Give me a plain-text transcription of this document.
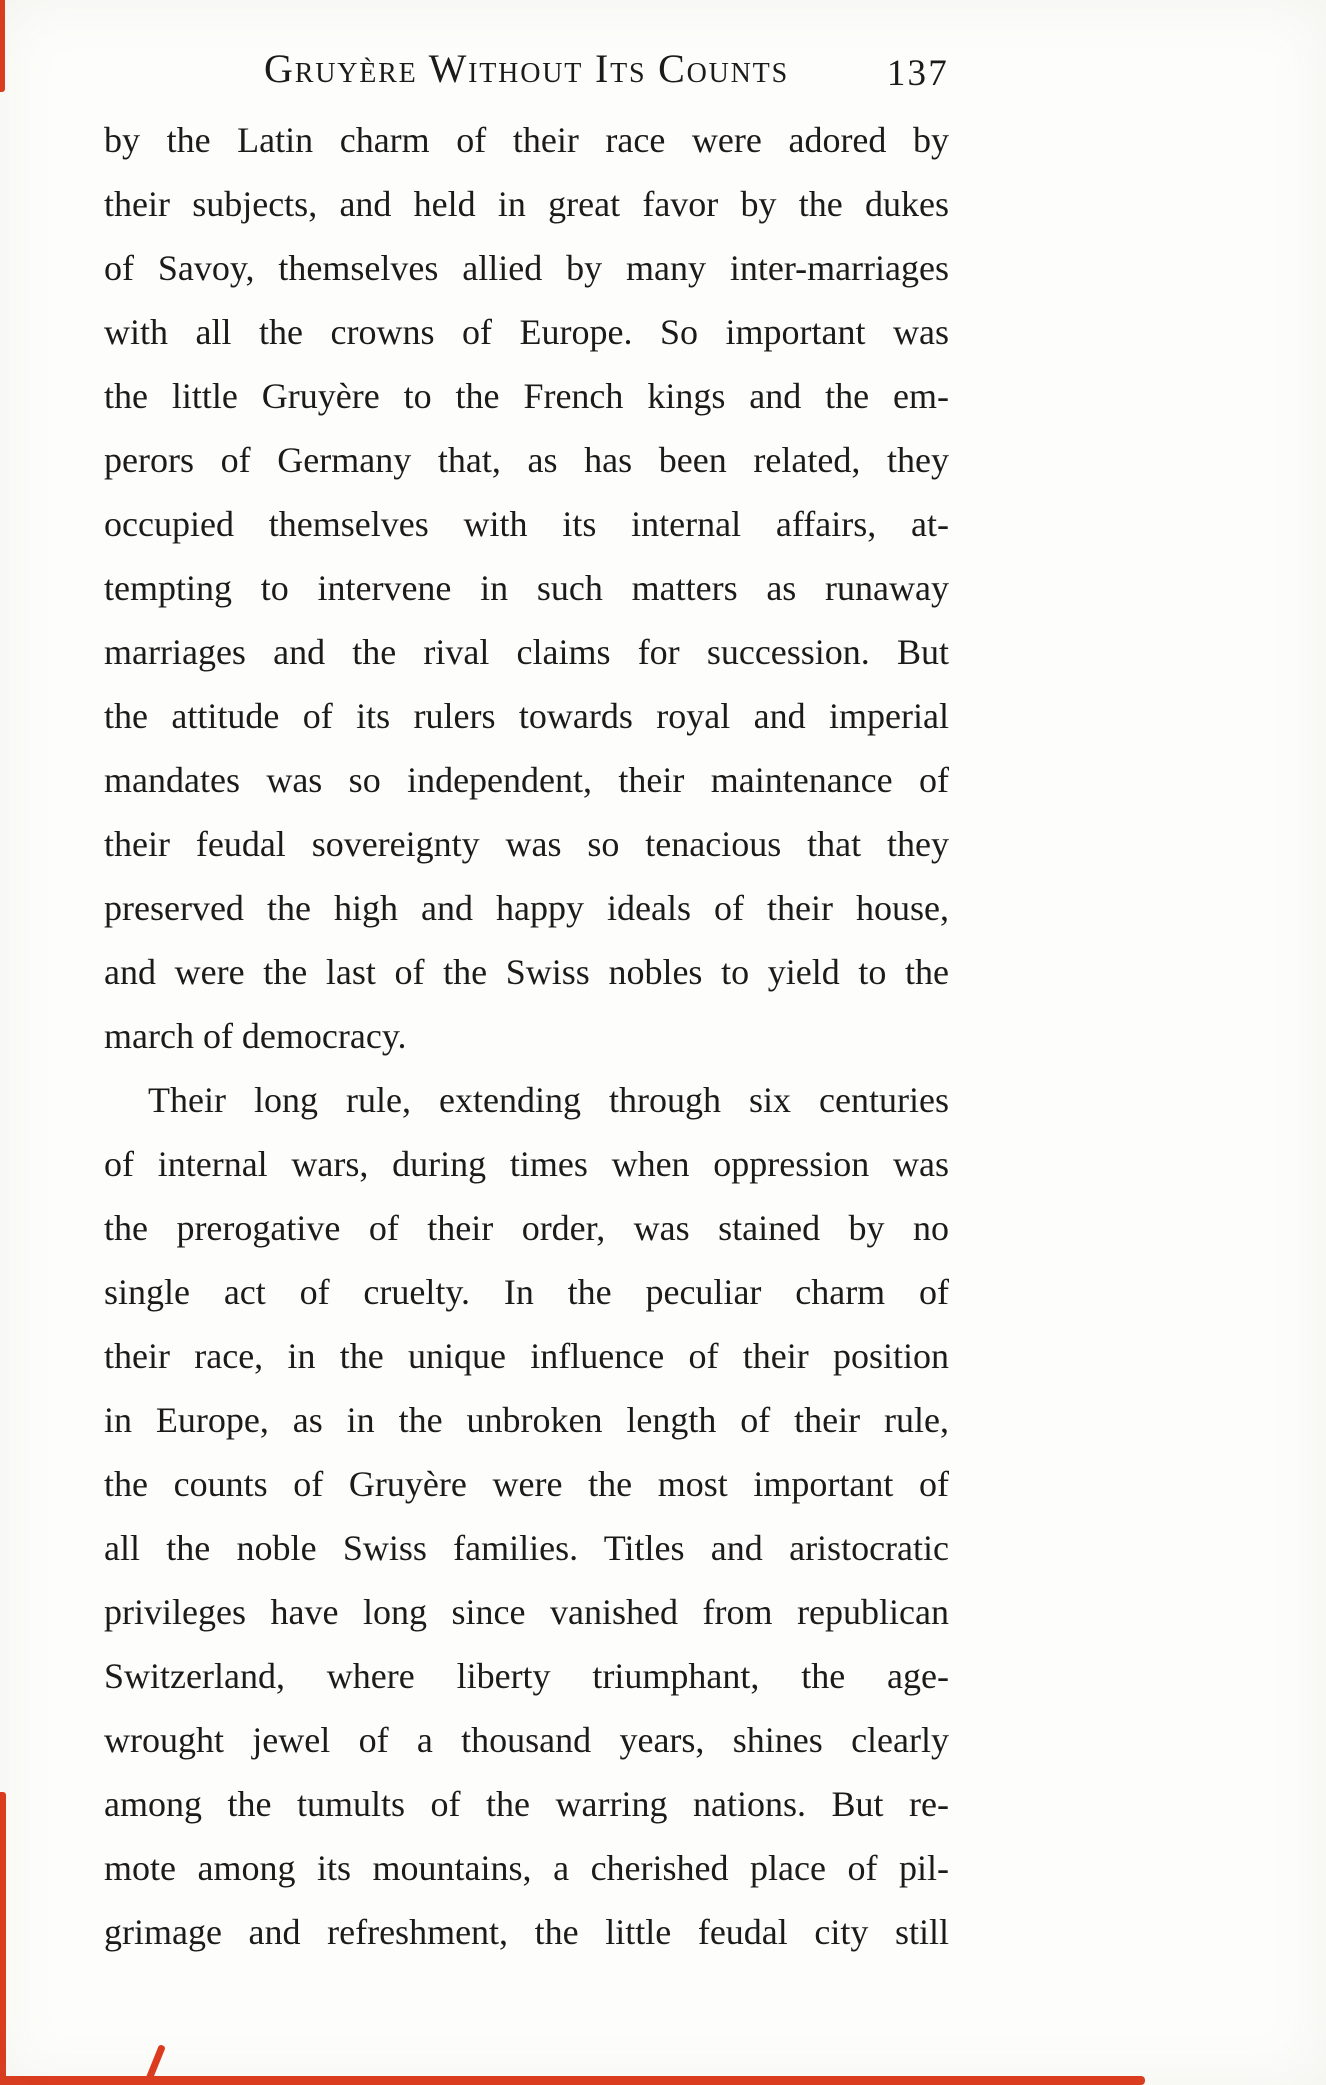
Gruyère Without Its Counts	137
by the Latin charm of their race were adored by
their subjects, and held in great favor by the dukes
of Savoy, themselves allied by many inter-marriages
with all the crowns of Europe. So important was
the little Gruyère to the French kings and the em-
perors of Germany that, as has been related, they
occupied themselves with its internal affairs, at-
tempting to intervene in such matters as runaway
marriages and the rival claims for succession. But
the attitude of its rulers towards royal and imperial
mandates was so independent, their maintenance of
their feudal sovereignty was so tenacious that they
preserved the high and happy ideals of their house,
and were the last of the Swiss nobles to yield to the
march of democracy.
Their long rule, extending through six centuries
of internal wars, during times when oppression was
the prerogative of their order, was stained by no
single act of cruelty. In the peculiar charm of
their race, in the unique influence of their position
in Europe, as in the unbroken length of their rule,
the counts of Gruyère were the most important of
all the noble Swiss families. Titles and aristocratic
privileges have long since vanished from republican
Switzerland, where liberty triumphant, the age-
wrought jewel of a thousand years, shines clearly
among the tumults of the warring nations. But re-
mote among its mountains, a cherished place of pil-
grimage and refreshment, the little feudal city still
